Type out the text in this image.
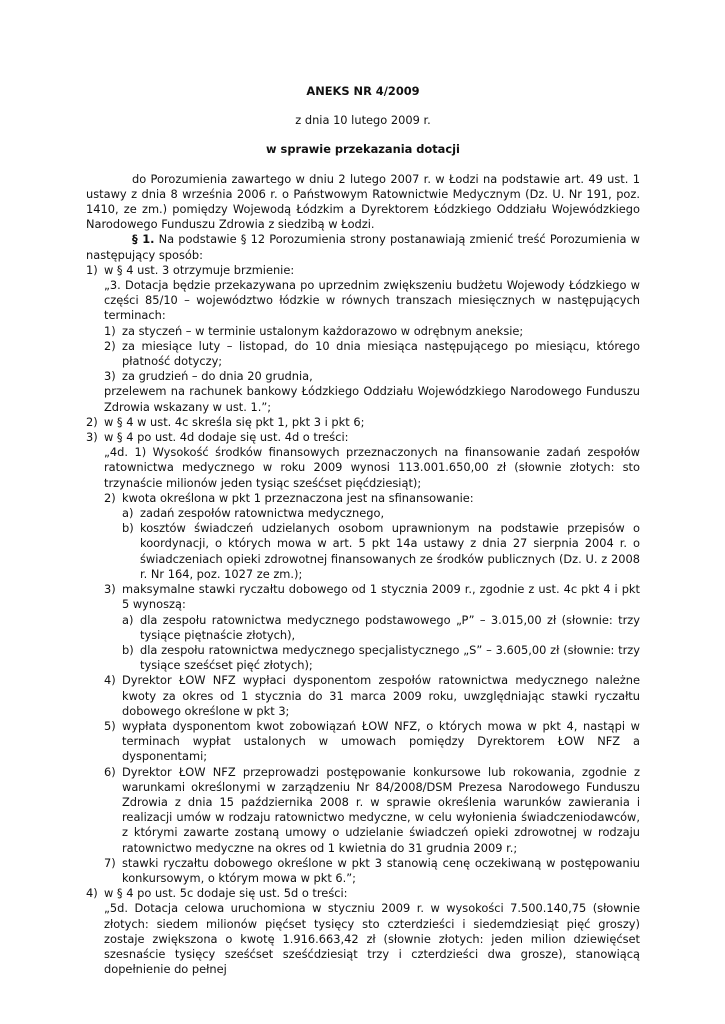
ANEKS NR 4/2009

z dnia 10 lutego 2009 r.

w sprawie przekazania dotacji

do Porozumienia zawartego w dniu 2 lutego 2007 r. w Łodzi na podstawie art. 49 ust. 1 ustawy z dnia 8 września 2006 r. o Państwowym Ratownictwie Medycznym (Dz. U. Nr 191, poz. 1410, ze zm.) pomiędzy Wojewodą Łódzkim a Dyrektorem Łódzkiego Oddziału Wojewódzkiego Narodowego Funduszu Zdrowia z siedzibą w Łodzi.

§ 1. Na podstawie § 12 Porozumienia strony postanawiają zmienić treść Porozumienia w następujący sposób:

1) w § 4 ust. 3 otrzymuje brzmienie:

„3. Dotacja będzie przekazywana po uprzednim zwiększeniu budżetu Wojewody Łódzkiego w części 85/10 – województwo łódzkie w równych transzach miesięcznych w następujących terminach:

1) za styczeń – w terminie ustalonym każdorazowo w odrębnym aneksie;
2) za miesiące luty – listopad, do 10 dnia miesiąca następującego po miesiącu, którego płatność dotyczy;
3) za grudzień – do dnia 20 grudnia,

przelewem na rachunek bankowy Łódzkiego Oddziału Wojewódzkiego Narodowego Funduszu Zdrowia wskazany w ust. 1.”;

2) w § 4 w ust. 4c skreśla się pkt 1, pkt 3 i pkt 6;
3) w § 4 po ust. 4d dodaje się ust. 4d o treści:

„4d. 1) Wysokość środków finansowych przeznaczonych na finansowanie zadań zespołów ratownictwa medycznego w roku 2009 wynosi 113.001.650,00 zł (słownie złotych: sto trzynaście milionów jeden tysiąc sześćset pięćdziesiąt);

2) kwota określona w pkt 1 przeznaczona jest na sfinansowanie:
a) zadań zespołów ratownictwa medycznego,
b) kosztów świadczeń udzielanych osobom uprawnionym na podstawie przepisów o koordynacji, o których mowa w art. 5 pkt 14a ustawy z dnia 27 sierpnia 2004 r. o świadczeniach opieki zdrowotnej finansowanych ze środków publicznych (Dz. U. z 2008 r. Nr 164, poz. 1027 ze zm.);
3) maksymalne stawki ryczałtu dobowego od 1 stycznia 2009 r., zgodnie z ust. 4c pkt 4 i pkt 5 wynoszą:
a) dla zespołu ratownictwa medycznego podstawowego „P” – 3.015,00 zł (słownie: trzy tysiące piętnaście złotych),
b) dla zespołu ratownictwa medycznego specjalistycznego „S” – 3.605,00 zł (słownie: trzy tysiące sześćset pięć złotych);
4) Dyrektor ŁOW NFZ wypłaci dysponentom zespołów ratownictwa medycznego należne kwoty za okres od 1 stycznia do 31 marca 2009 roku, uwzględniając stawki ryczałtu dobowego określone w pkt 3;
5) wypłata dysponentom kwot zobowiązań ŁOW NFZ, o których mowa w pkt 4, nastąpi w terminach wypłat ustalonych w umowach pomiędzy Dyrektorem ŁOW NFZ a dysponentami;
6) Dyrektor ŁOW NFZ przeprowadzi postępowanie konkursowe lub rokowania, zgodnie z warunkami określonymi w zarządzeniu Nr 84/2008/DSM Prezesa Narodowego Funduszu Zdrowia z dnia 15 października 2008 r. w sprawie określenia warunków zawierania i realizacji umów w rodzaju ratownictwo medyczne, w celu wyłonienia świadczeniodawców, z którymi zawarte zostaną umowy o udzielanie świadczeń opieki zdrowotnej w rodzaju ratownictwo medyczne na okres od 1 kwietnia do 31 grudnia 2009 r.;
7) stawki ryczałtu dobowego określone w pkt 3 stanowią cenę oczekiwaną w postępowaniu konkursowym, o którym mowa w pkt 6.”;
4) w § 4 po ust. 5c dodaje się ust. 5d o treści:

„5d. Dotacja celowa uruchomiona w styczniu 2009 r. w wysokości 7.500.140,75 (słownie złotych: siedem milionów pięćset tysięcy sto czterdzieści i siedemdziesiąt pięć groszy) zostaje zwiększona o kwotę 1.916.663,42 zł (słownie złotych: jeden milion dziewięćset szesnaście tysięcy sześćset sześćdziesiąt trzy i czterdzieści dwa grosze), stanowiącą dopełnienie do pełnej
